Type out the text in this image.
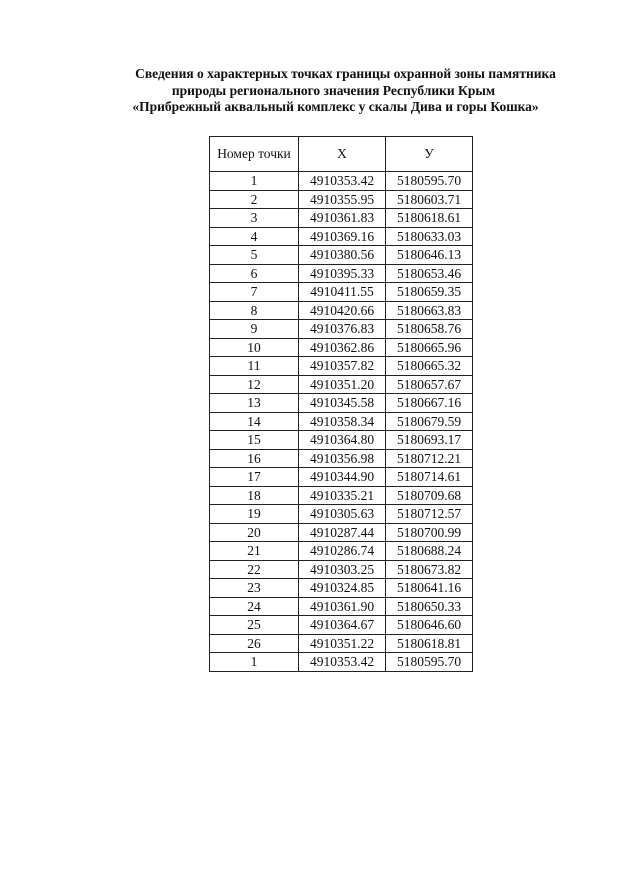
Сведения о характерных точках границы охранной зоны памятника
природы регионального значения Республики Крым
«Прибрежный аквальный комплекс у скалы Дива и горы Кошка»
Номер точки	Х	У
1	4910353.42	5180595.70
2	4910355.95	5180603.71
3	4910361.83	5180618.61
4	4910369.16	5180633.03
5	4910380.56	5180646.13
6	4910395.33	5180653.46
7	4910411.55	5180659.35
8	4910420.66	5180663.83
9	4910376.83	5180658.76
10	4910362.86	5180665.96
11	4910357.82	5180665.32
12	4910351.20	5180657.67
13	4910345.58	5180667.16
14	4910358.34	5180679.59
15	4910364.80	5180693.17
16	4910356.98	5180712.21
17	4910344.90	5180714.61
18	4910335.21	5180709.68
19	4910305.63	5180712.57
20	4910287.44	5180700.99
21	4910286.74	5180688.24
22	4910303.25	5180673.82
23	4910324.85	5180641.16
24	4910361.90	5180650.33
25	4910364.67	5180646.60
26	4910351.22	5180618.81
1	4910353.42	5180595.70
